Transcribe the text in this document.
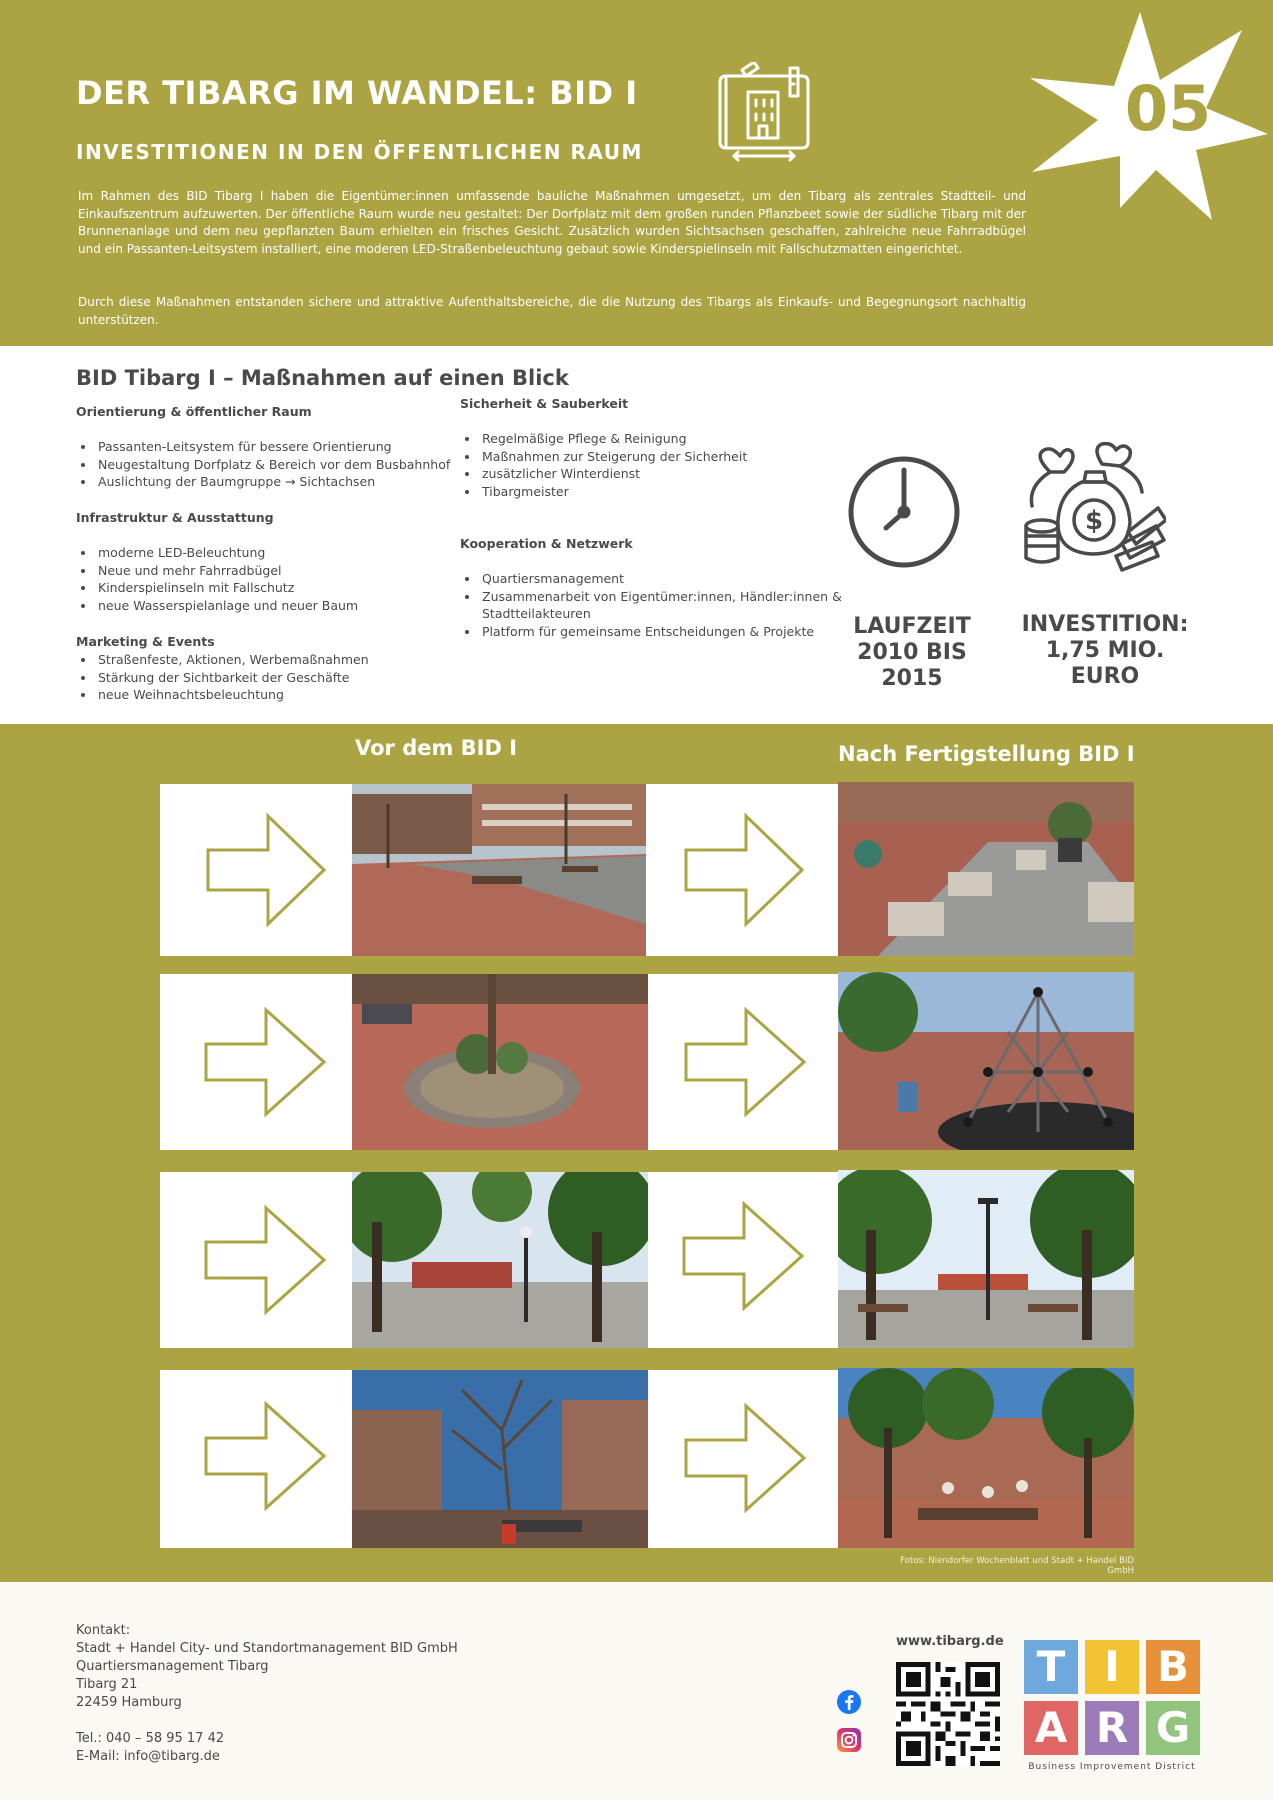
DER TIBARG IM WANDEL: BID I
INVESTITIONEN IN DEN ÖFFENTLICHEN RAUM
05

Im Rahmen des BID Tibarg I haben die Eigentümer:innen umfassende bauliche Maßnahmen umgesetzt, um den Tibarg als zentrales Stadtteil- und Einkaufszentrum aufzuwerten. Der öffentliche Raum wurde neu gestaltet: Der Dorfplatz mit dem großen runden Pflanzbeet sowie der südliche Tibarg mit der Brunnenanlage und dem neu gepflanzten Baum erhielten ein frisches Gesicht. Zusätzlich wurden Sichtsachsen geschaffen, zahlreiche neue Fahrradbügel und ein Passanten-Leitsystem installiert, eine moderen LED-Straßenbeleuchtung gebaut sowie Kinderspielinseln mit Fallschutzmatten eingerichtet.

Durch diese Maßnahmen entstanden sichere und attraktive Aufenthaltsbereiche, die die Nutzung des Tibargs als Einkaufs- und Begegnungsort nachhaltig unterstützen.

BID Tibarg I – Maßnahmen auf einen Blick
Orientierung & öffentlicher Raum
• Passanten-Leitsystem für bessere Orientierung
• Neugestaltung Dorfplatz & Bereich vor dem Busbahnhof
• Auslichtung der Baumgruppe → Sichtachsen
Infrastruktur & Ausstattung
• moderne LED-Beleuchtung
• Neue und mehr Fahrradbügel
• Kinderspielinseln mit Fallschutz
• neue Wasserspielanlage und neuer Baum
Marketing & Events
• Straßenfeste, Aktionen, Werbemaßnahmen
• Stärkung der Sichtbarkeit der Geschäfte
• neue Weihnachtsbeleuchtung
Sicherheit & Sauberkeit
• Regelmäßige Pflege & Reinigung
• Maßnahmen zur Steigerung der Sicherheit
• zusätzlicher Winterdienst
• Tibargmeister
Kooperation & Netzwerk
• Quartiersmanagement
• Zusammenarbeit von Eigentümer:innen, Händler:innen & Stadtteilakteuren
• Platform für gemeinsame Entscheidungen & Projekte
$
LAUFZEIT
2010 BIS 2015
INVESTITION:
1,75 MIO. EURO
Vor dem BID I	Nach Fertigstellung BID I

Fotos: Niendorfer Wochenblatt und Stadt + Handel BID GmbH

Kontakt:
Stadt + Handel City- und Standortmanagement BID GmbH
Quartiersmanagement Tibarg
Tibarg 21
22459 Hamburg
Tel.: 040 – 58 95 17 42
E-Mail: info@tibarg.de
www.tibarg.de
T I B
A R G

Business Improvement District
